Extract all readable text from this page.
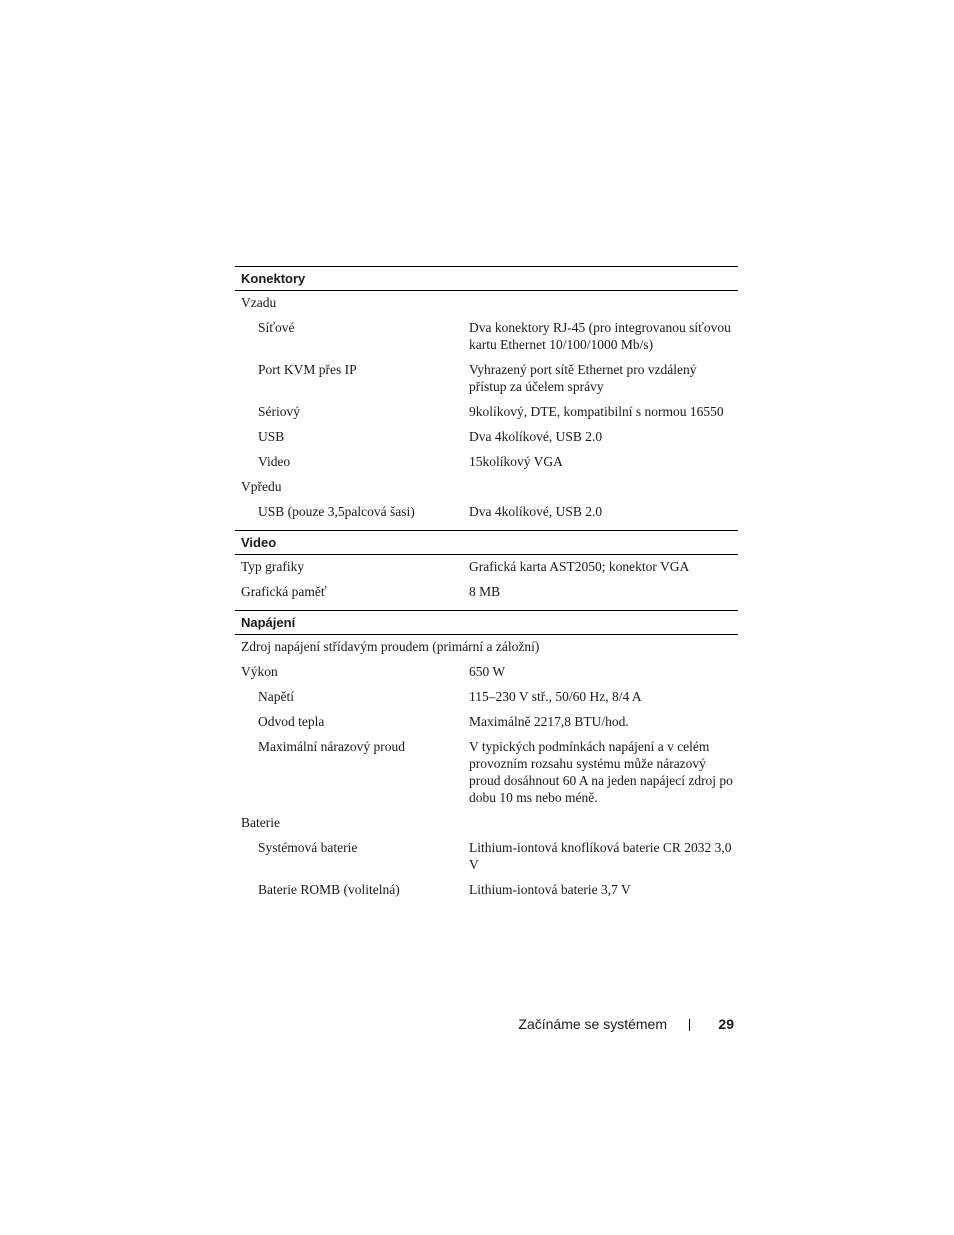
Konektory
Vzadu
Síťové	Dva konektory RJ-45 (pro integrovanou síťovou kartu Ethernet 10/100/1000 Mb/s)
Port KVM přes IP	Vyhrazený port sítě Ethernet pro vzdálený přístup za účelem správy
Sériový	9kolíkový, DTE, kompatibilní s normou 16550
USB	Dva 4kolíkové, USB 2.0
Video	15kolíkový VGA
Vpředu
USB (pouze 3,5palcová šasi)	Dva 4kolíkové, USB 2.0
Video
Typ grafiky	Grafická karta AST2050; konektor VGA
Grafická paměť	8 MB
Napájení
Zdroj napájení střídavým proudem (primární a záložní)
Výkon	650 W
Napětí	115–230 V stř., 50/60 Hz, 8/4 A
Odvod tepla	Maximálně 2217,8 BTU/hod.
Maximální nárazový proud	V typických podmínkách napájení a v celém provozním rozsahu systému může nárazový proud dosáhnout 60 A na jeden napájecí zdroj po dobu 10 ms nebo méně.
Baterie
Systémová baterie	Lithium-iontová knoflíková baterie CR 2032 3,0 V
Baterie ROMB (volitelná)	Lithium-iontová baterie 3,7 V
Začínáme se systémem	29
